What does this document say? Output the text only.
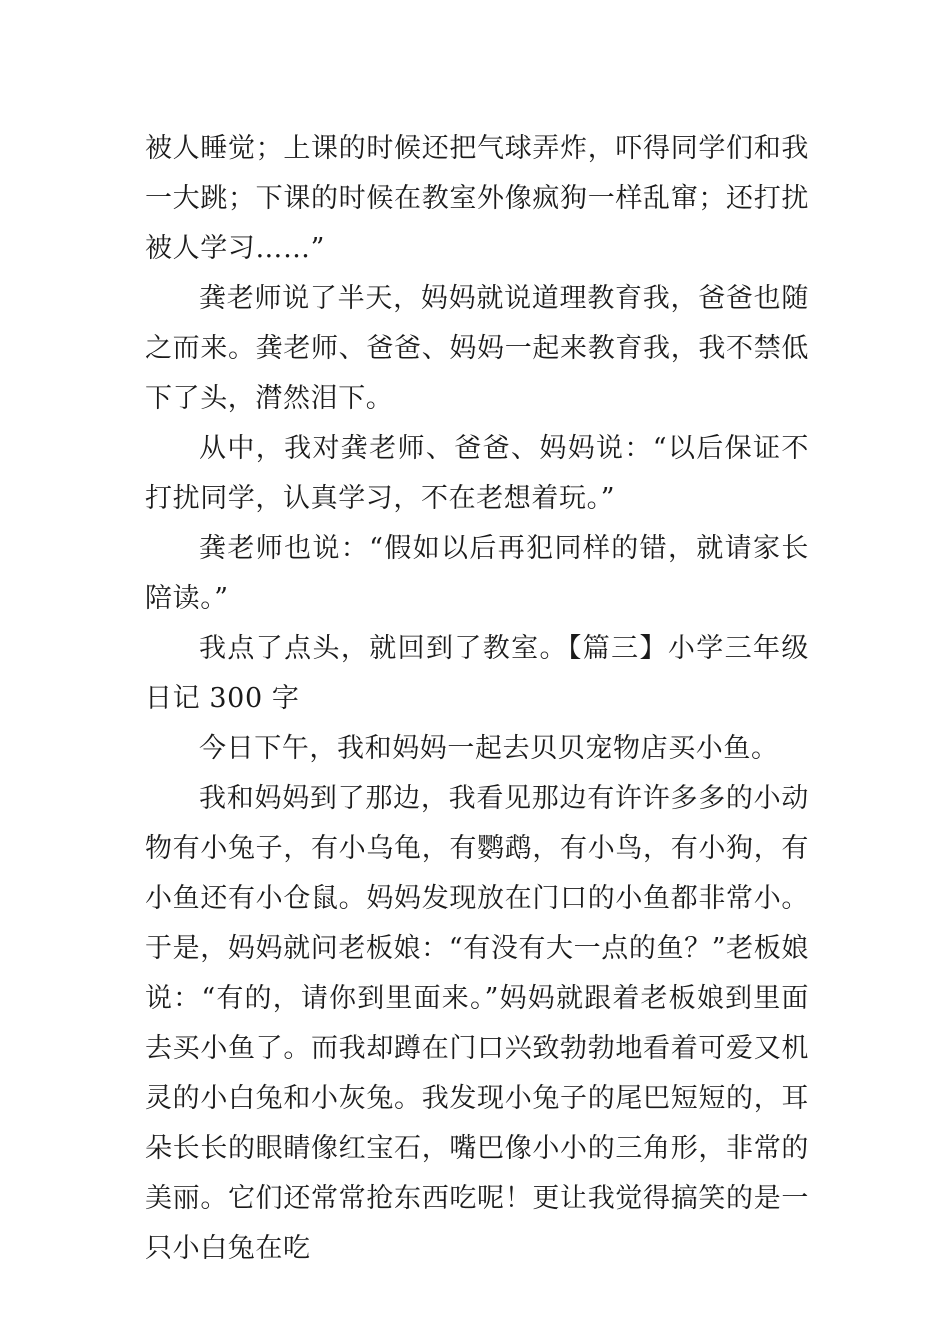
被人睡觉；上课的时候还把气球弄炸，吓得同学们和我一大跳；下课的时候在教室外像疯狗一样乱窜；还打扰被人学习……”

龚老师说了半天，妈妈就说道理教育我，爸爸也随之而来。龚老师、爸爸、妈妈一起来教育我，我不禁低下了头，潸然泪下。

从中，我对龚老师、爸爸、妈妈说：“以后保证不打扰同学，认真学习，不在老想着玩。”

龚老师也说：“假如以后再犯同样的错，就请家长陪读。”

我点了点头，就回到了教室。【篇三】小学三年级日记 300 字

今日下午，我和妈妈一起去贝贝宠物店买小鱼。

我和妈妈到了那边，我看见那边有许许多多的小动物有小兔子，有小乌龟，有鹦鹉，有小鸟，有小狗，有小鱼还有小仓鼠。妈妈发现放在门口的小鱼都非常小。于是，妈妈就问老板娘：“有没有大一点的鱼？”老板娘说：“有的，请你到里面来。”妈妈就跟着老板娘到里面去买小鱼了。而我却蹲在门口兴致勃勃地看着可爱又机灵的小白兔和小灰兔。我发现小兔子的尾巴短短的，耳朵长长的眼睛像红宝石，嘴巴像小小的三角形，非常的美丽。它们还常常抢东西吃呢！更让我觉得搞笑的是一只小白兔在吃
